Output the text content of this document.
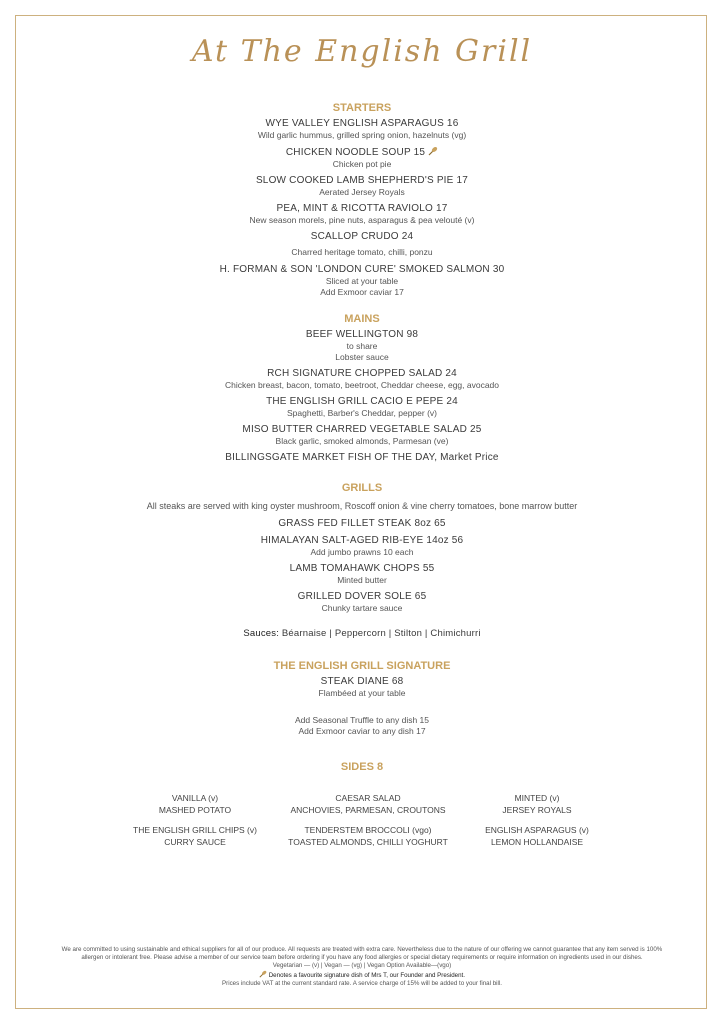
At The English Grill

STARTERS

WYE VALLEY ENGLISH ASPARAGUS 16

Wild garlic hummus, grilled spring onion, hazelnuts (vg)

CHICKEN NOODLE SOUP 15

Chicken pot pie

SLOW COOKED LAMB SHEPHERD'S PIE 17

Aerated Jersey Royals

PEA, MINT & RICOTTA RAVIOLO 17

New season morels, pine nuts, asparagus & pea velouté (v)

SCALLOP CRUDO 24

Charred heritage tomato, chilli, ponzu

H. FORMAN & SON 'LONDON CURE' SMOKED SALMON 30

Sliced at your table

Add Exmoor caviar 17

MAINS

BEEF WELLINGTON 98

to share

Lobster sauce

RCH SIGNATURE CHOPPED SALAD 24

Chicken breast, bacon, tomato, beetroot, Cheddar cheese, egg, avocado

THE ENGLISH GRILL CACIO E PEPE 24

Spaghetti, Barber's Cheddar, pepper (v)

MISO BUTTER CHARRED VEGETABLE SALAD 25

Black garlic, smoked almonds, Parmesan (ve)

BILLINGSGATE MARKET FISH OF THE DAY, Market Price

GRILLS

All steaks are served with king oyster mushroom, Roscoff onion & vine cherry tomatoes, bone marrow butter

GRASS FED FILLET STEAK 8oz 65

HIMALAYAN SALT-AGED RIB-EYE 14oz 56

Add jumbo prawns 10 each

LAMB TOMAHAWK CHOPS 55

Minted butter

GRILLED DOVER SOLE 65

Chunky tartare sauce

Sauces: Béarnaise | Peppercorn | Stilton | Chimichurri

THE ENGLISH GRILL SIGNATURE

STEAK DIANE 68

Flambéed at your table

Add Seasonal Truffle to any dish 15

Add Exmoor caviar to any dish 17

SIDES 8

VANILLA (v)
MASHED POTATO
CAESAR SALAD
ANCHOVIES, PARMESAN, CROUTONS
MINTED (v)
JERSEY ROYALS
THE ENGLISH GRILL CHIPS (v)
CURRY SAUCE
TENDERSTEM BROCCOLI (vgo)
TOASTED ALMONDS, CHILLI YOGHURT
ENGLISH ASPARAGUS (v)
LEMON HOLLANDAISE
We are committed to using sustainable and ethical suppliers for all of our produce. All requests are treated with extra care. Nevertheless due to the nature of our offering we cannot guarantee that any item served is 100% allergen or intolerant free. Please advise a member of our service team before ordering if you have any food allergies or special dietary requirements or require information on ingredients used in our dishes.
Vegetarian — (v) | Vegan — (vg) | Vegan Option Available—(vgo)
Denotes a favourite signature dish of Mrs T, our Founder and President.
Prices include VAT at the current standard rate. A service charge of 15% will be added to your final bill.
